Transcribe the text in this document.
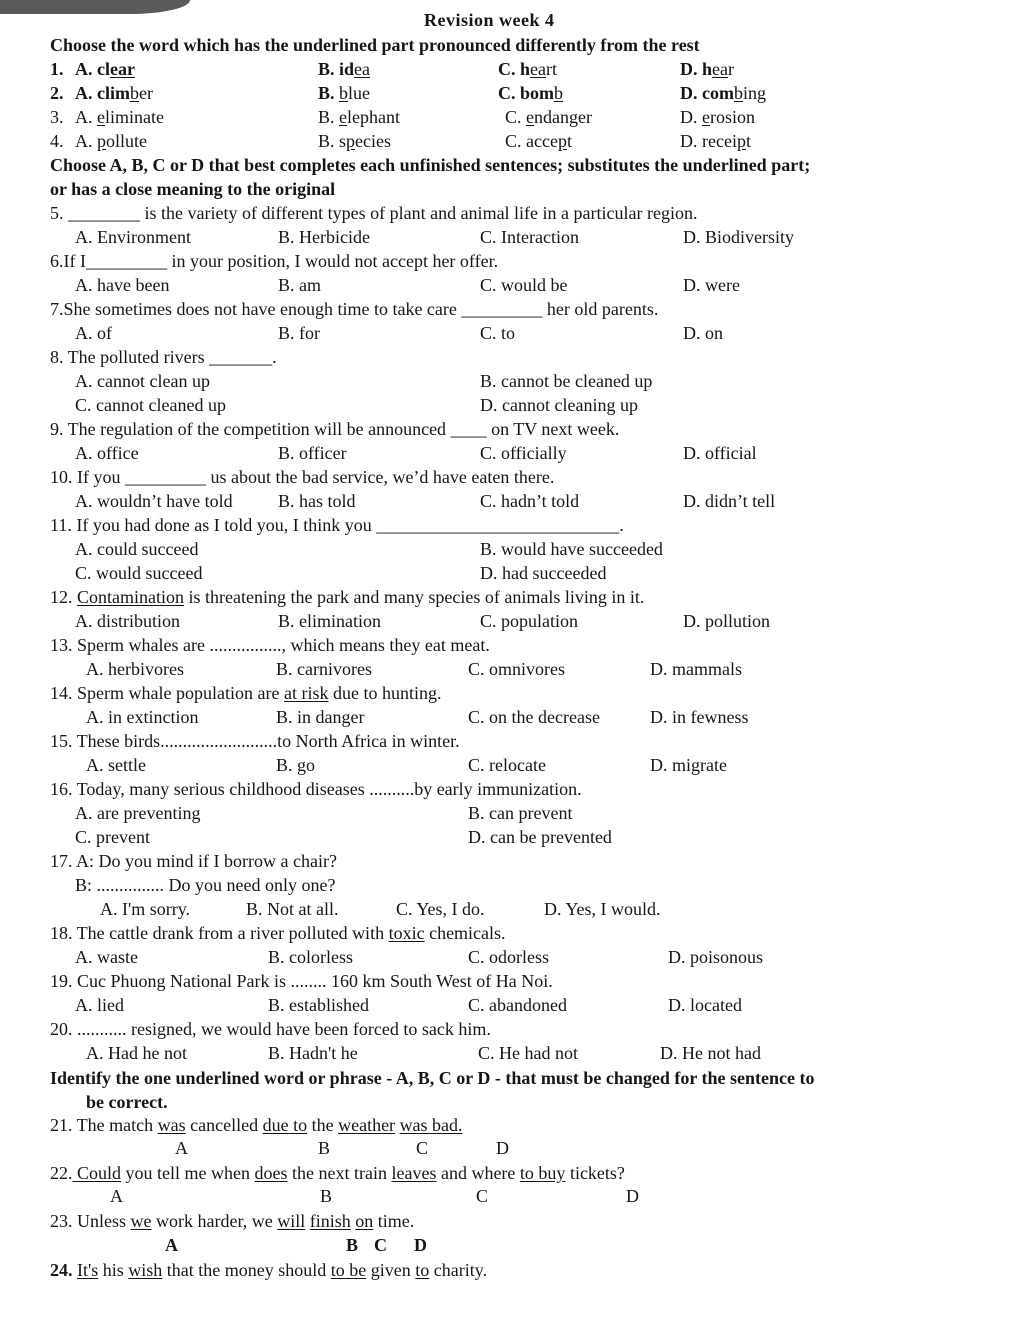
Revision week 4
Choose the word which has the underlined part pronounced differently from the rest
1. A. clear	B. idea	C. heart	D. hear
2. A. climber	B. blue	C. bomb	D. combing
3. A. eliminate	B. elephant	C. endanger	D. erosion
4. A. pollute	B. species	C. accept	D. receipt
Choose A, B, C or D that best completes each unfinished sentences; substitutes the underlined part;
or has a close meaning to the original
5. ________ is the variety of different types of plant and animal life in a particular region.
A. Environment	B. Herbicide	C. Interaction	D. Biodiversity
6.If I_________ in your position, I would not accept her offer.
A. have been	B. am	C. would be	D. were
7.She sometimes does not have enough time to take care _________ her old parents.
A. of	B. for	C. to	D. on
8. The polluted rivers _______.
A. cannot clean up	B. cannot be cleaned up
C. cannot cleaned up	D. cannot cleaning up
9. The regulation of the competition will be announced ____ on TV next week.
A. office	B. officer	C. officially	D. official
10. If you _________ us about the bad service, we’d have eaten there.
A. wouldn’t have told	B. has told	C. hadn’t told	D. didn’t tell
11. If you had done as I told you, I think you ___________________________.
A. could succeed	B. would have succeeded
C. would succeed	D. had succeeded
12. Contamination is threatening the park and many species of animals living in it.
A. distribution	B. elimination	C. population	D. pollution
13. Sperm whales are ................, which means they eat meat.
A. herbivores	B. carnivores	C. omnivores	D. mammals
14. Sperm whale population are at risk due to hunting.
A. in extinction	B. in danger	C. on the decrease	D. in fewness
15. These birds..........................to North Africa in winter.
A. settle	B. go	C. relocate	D. migrate
16. Today, many serious childhood diseases ..........by early immunization.
A. are preventing	B. can prevent
C. prevent	D. can be prevented
17. A: Do you mind if I borrow a chair?
B: ............... Do you need only one?
A. I'm sorry.	B. Not at all.	C. Yes, I do.	D. Yes, I would.
18. The cattle drank from a river polluted with toxic chemicals.
A. waste	B. colorless	C. odorless	D. poisonous
19. Cuc Phuong National Park is ........ 160 km South West of Ha Noi.
A. lied	B. established	C. abandoned	D. located
20. ........... resigned, we would have been forced to sack him.
A. Had he not	B. Hadn't he	C. He had not	D. He not had
Identify the one underlined word or phrase - A, B, C or D - that must be changed for the sentence to
be correct.
21. The match was cancelled due to the weather was bad.
A	B	C	D
22. Could you tell me when does the next train leaves and where to buy tickets?
A	B	C	D
23. Unless we work harder, we will finish on time.
A	B C D
24. It's his wish that the money should to be given to charity.
